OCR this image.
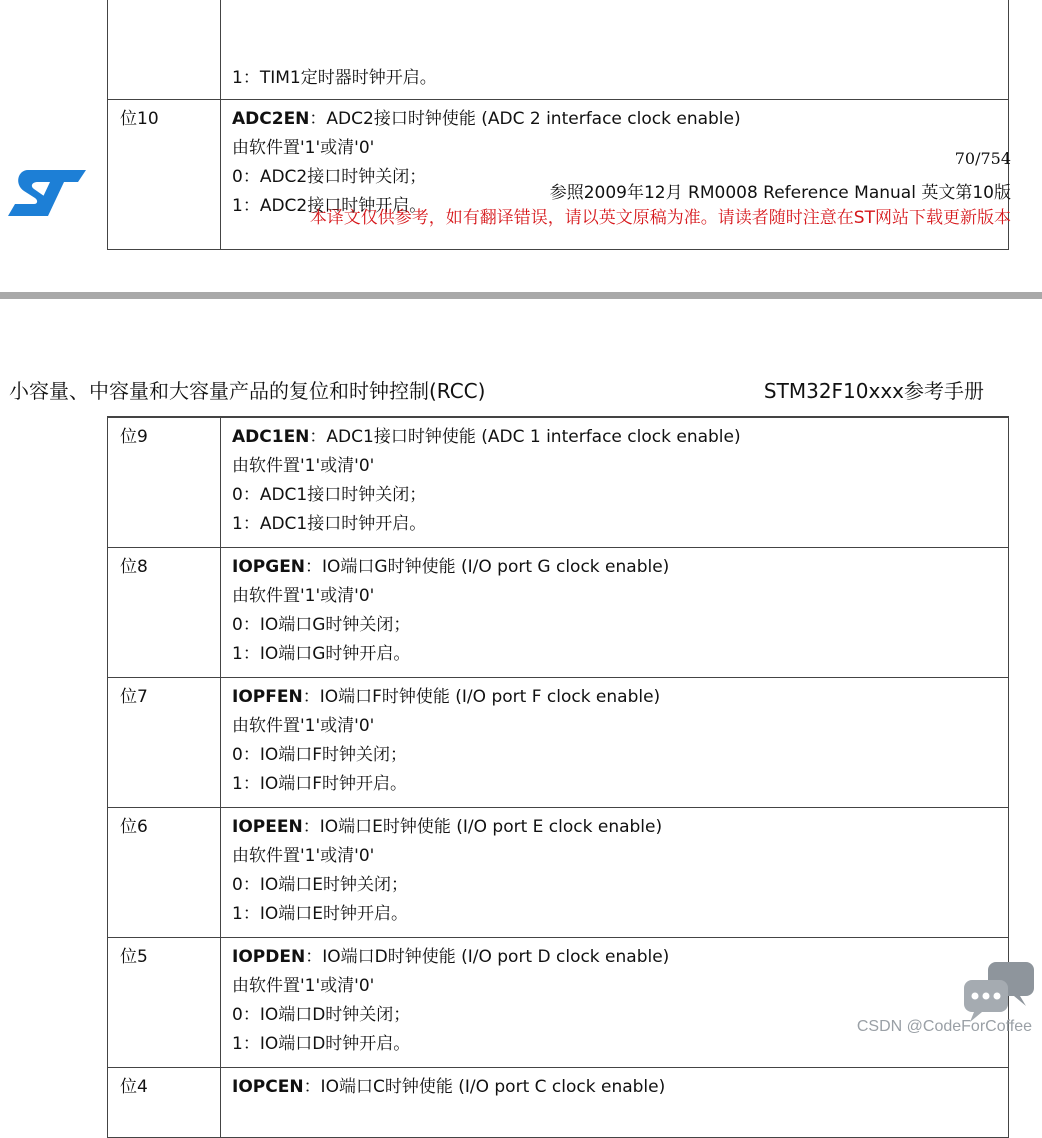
	1：TIM1定时器时钟开启。

位10	ADC2EN：ADC2接口时钟使能 (ADC 2 interface clock enable)
由软件置'1'或清'0'
0：ADC2接口时钟关闭；
1：ADC2接口时钟开启。
70/754
参照2009年12月 RM0008 Reference Manual 英文第10版
本译文仅供参考，如有翻译错误，请以英文原稿为准。请读者随时注意在ST网站下载更新版本
小容量、中容量和大容量产品的复位和时钟控制(RCC)	STM32F10xxx参考手册
位9	ADC1EN：ADC1接口时钟使能 (ADC 1 interface clock enable)
由软件置'1'或清'0'
0：ADC1接口时钟关闭；
1：ADC1接口时钟开启。

位8	IOPGEN：IO端口G时钟使能 (I/O port G clock enable)
由软件置'1'或清'0'
0：IO端口G时钟关闭；
1：IO端口G时钟开启。

位7	IOPFEN：IO端口F时钟使能 (I/O port F clock enable)
由软件置'1'或清'0'
0：IO端口F时钟关闭；
1：IO端口F时钟开启。

位6	IOPEEN：IO端口E时钟使能 (I/O port E clock enable)
由软件置'1'或清'0'
0：IO端口E时钟关闭；
1：IO端口E时钟开启。

位5	IOPDEN：IO端口D时钟使能 (I/O port D clock enable)
由软件置'1'或清'0'
0：IO端口D时钟关闭；
1：IO端口D时钟开启。

位4	IOPCEN：IO端口C时钟使能 (I/O port C clock enable)
CSDN @CodeForCoffee
